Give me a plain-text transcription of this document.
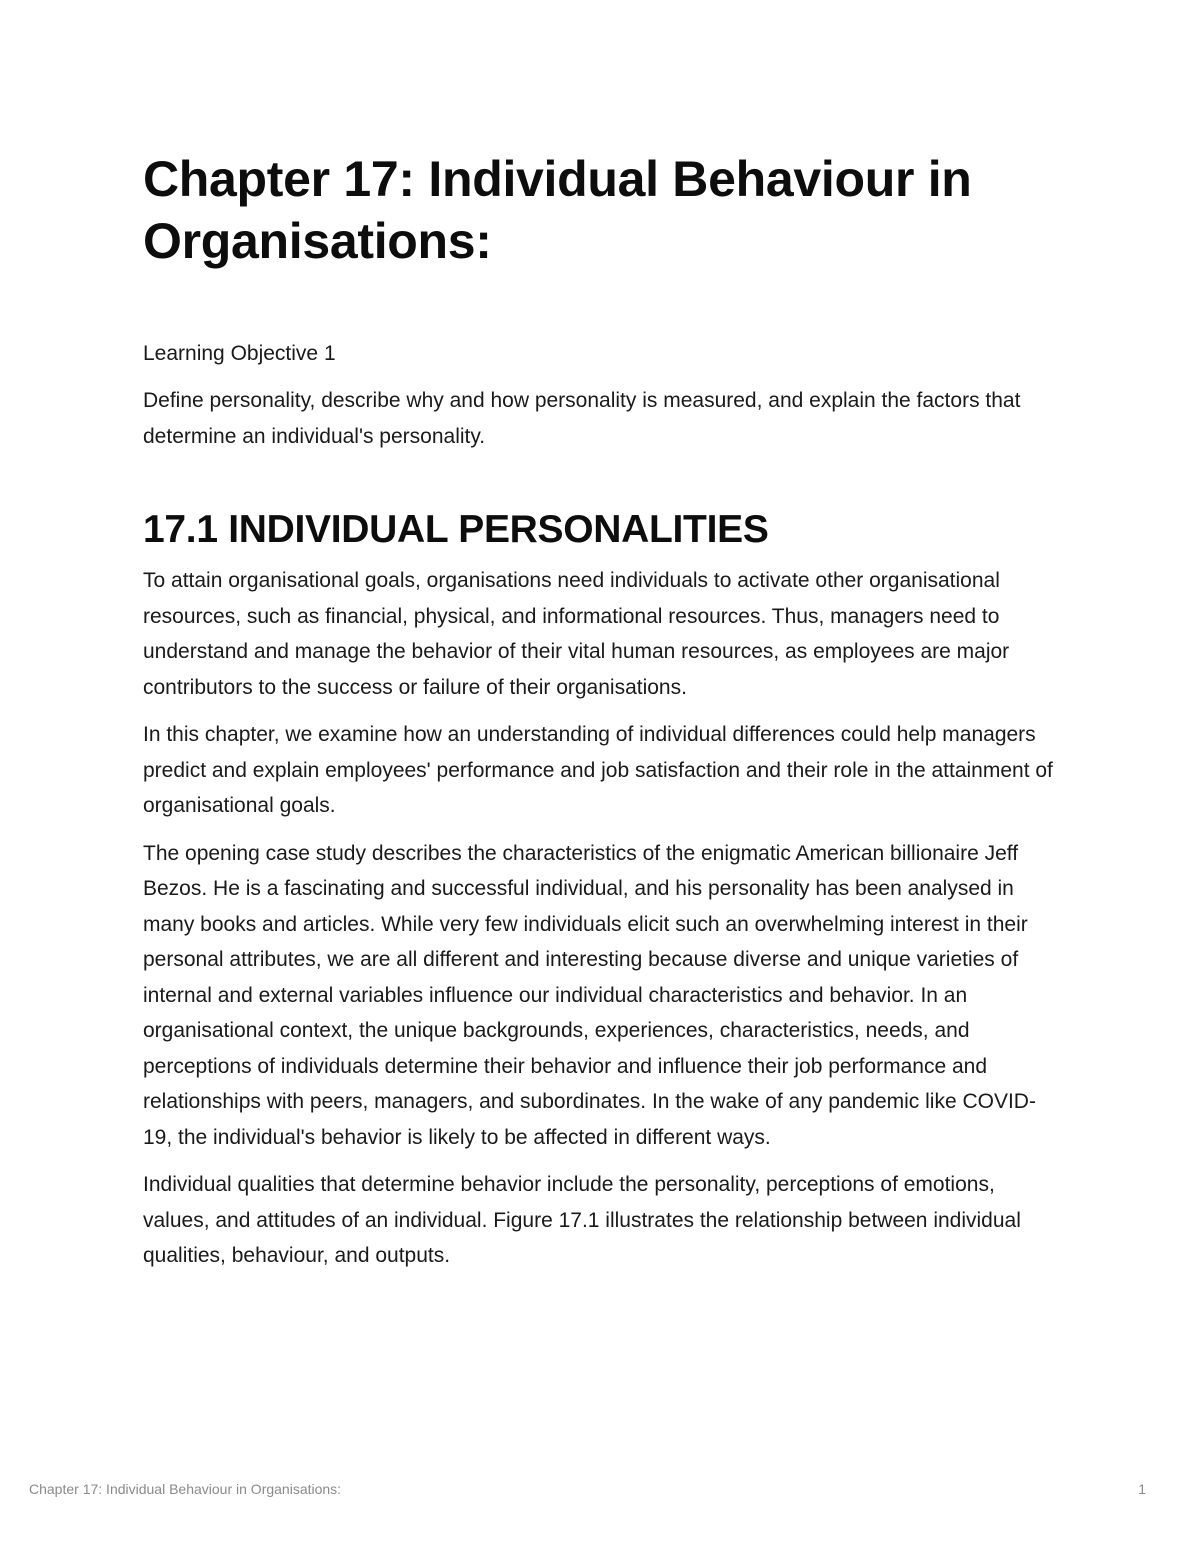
Chapter 17: Individual Behaviour in Organisations:

Learning Objective 1

Define personality, describe why and how personality is measured, and explain the factors that determine an individual's personality.

17.1 INDIVIDUAL PERSONALITIES

To attain organisational goals, organisations need individuals to activate other organisational resources, such as financial, physical, and informational resources. Thus, managers need to understand and manage the behavior of their vital human resources, as employees are major contributors to the success or failure of their organisations.

In this chapter, we examine how an understanding of individual differences could help managers predict and explain employees' performance and job satisfaction and their role in the attainment of organisational goals.

The opening case study describes the characteristics of the enigmatic American billionaire Jeff Bezos. He is a fascinating and successful individual, and his personality has been analysed in many books and articles. While very few individuals elicit such an overwhelming interest in their personal attributes, we are all different and interesting because diverse and unique varieties of internal and external variables influence our individual characteristics and behavior. In an organisational context, the unique backgrounds, experiences, characteristics, needs, and perceptions of individuals determine their behavior and influence their job performance and relationships with peers, managers, and subordinates. In the wake of any pandemic like COVID-19, the individual's behavior is likely to be affected in different ways.

Individual qualities that determine behavior include the personality, perceptions of emotions, values, and attitudes of an individual. Figure 17.1 illustrates the relationship between individual qualities, behaviour, and outputs.

Chapter 17: Individual Behaviour in Organisations:	1
